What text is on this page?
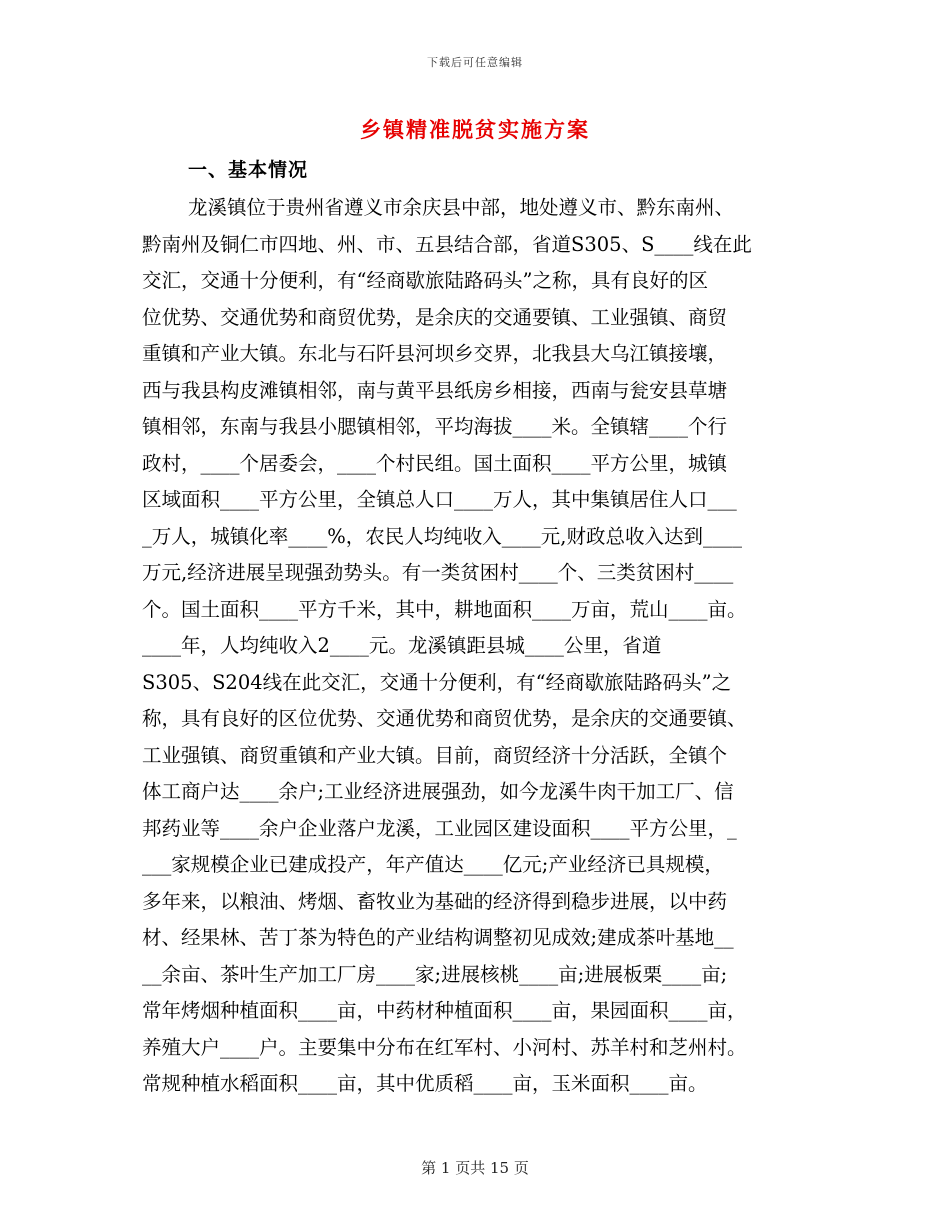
下载后可任意编辑
乡镇精准脱贫实施方案
一、基本情况
龙溪镇位于贵州省遵义市余庆县中部，地处遵义市、黔东南州、
黔南州及铜仁市四地、州、市、五县结合部，省道S305、S____线在此
交汇，交通十分便利，有“经商歇旅陆路码头”之称，具有良好的区
位优势、交通优势和商贸优势，是余庆的交通要镇、工业强镇、商贸
重镇和产业大镇。东北与石阡县河坝乡交界，北我县大乌江镇接壤，
西与我县构皮滩镇相邻，南与黄平县纸房乡相接，西南与瓮安县草塘
镇相邻，东南与我县小腮镇相邻，平均海拔____米。全镇辖____个行
政村，____个居委会，____个村民组。国土面积____平方公里，城镇
区域面积____平方公里，全镇总人口____万人，其中集镇居住人口___
_万人，城镇化率____%，农民人均纯收入____元,财政总收入达到____
万元,经济进展呈现强劲势头。有一类贫困村____个、三类贫困村____
个。国土面积____平方千米，其中，耕地面积____万亩，荒山____亩。
____年，人均纯收入2____元。龙溪镇距县城____公里，省道
S305、S204线在此交汇，交通十分便利，有“经商歇旅陆路码头”之
称，具有良好的区位优势、交通优势和商贸优势，是余庆的交通要镇、
工业强镇、商贸重镇和产业大镇。目前，商贸经济十分活跃，全镇个
体工商户达____余户;工业经济进展强劲，如今龙溪牛肉干加工厂、信
邦药业等____余户企业落户龙溪，工业园区建设面积____平方公里，_
___家规模企业已建成投产，年产值达____亿元;产业经济已具规模，
多年来，以粮油、烤烟、畜牧业为基础的经济得到稳步进展，以中药
材、经果林、苦丁茶为特色的产业结构调整初见成效;建成茶叶基地__
__余亩、茶叶生产加工厂房____家;进展核桃____亩;进展板栗____亩;
常年烤烟种植面积____亩，中药材种植面积____亩，果园面积____亩，
养殖大户____户。主要集中分布在红军村、小河村、苏羊村和芝州村。
常规种植水稻面积____亩，其中优质稻____亩，玉米面积____亩。
第 1 页共 15 页
